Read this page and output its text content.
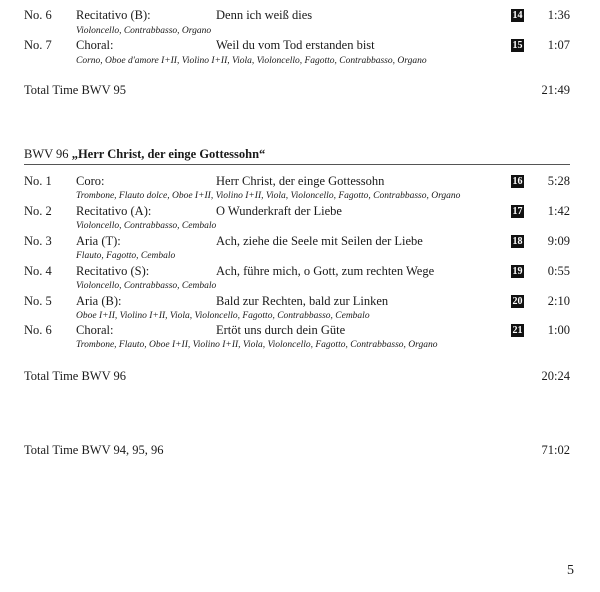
No. 6 Recitativo (B):	Denn ich weiß dies	14 1:36
Violoncello, Contrabbasso, Organo
No. 7 Choral:	Weil du vom Tod erstanden bist	15 1:07
Corno, Oboe d'amore I+II, Violino I+II, Viola, Violoncello, Fagotto, Contrabbasso, Organo
Total Time BWV 95	21:49
BWV 96 „Herr Christ, der einge Gottessohn“
No. 1 Coro:	Herr Christ, der einge Gottessohn	16 5:28
Trombone, Flauto dolce, Oboe I+II, Violino I+II, Viola, Violoncello, Fagotto, Contrabbasso, Organo
No. 2 Recitativo (A):	O Wunderkraft der Liebe	17 1:42
Violoncello, Contrabbasso, Cembalo
No. 3 Aria (T):	Ach, ziehe die Seele mit Seilen der Liebe	18 9:09
Flauto, Fagotto, Cembalo
No. 4 Recitativo (S):	Ach, führe mich, o Gott, zum rechten Wege	19 0:55
Violoncello, Contrabbasso, Cembalo
No. 5 Aria (B):	Bald zur Rechten, bald zur Linken	20 2:10
Oboe I+II, Violino I+II, Viola, Violoncello, Fagotto, Contrabbasso, Cembalo
No. 6 Choral:	Ertöt uns durch dein Güte	21 1:00
Trombone, Flauto, Oboe I+II, Violino I+II, Viola, Violoncello, Fagotto, Contrabbasso, Organo
Total Time BWV 96	20:24
Total Time BWV 94, 95, 96	71:02
5
